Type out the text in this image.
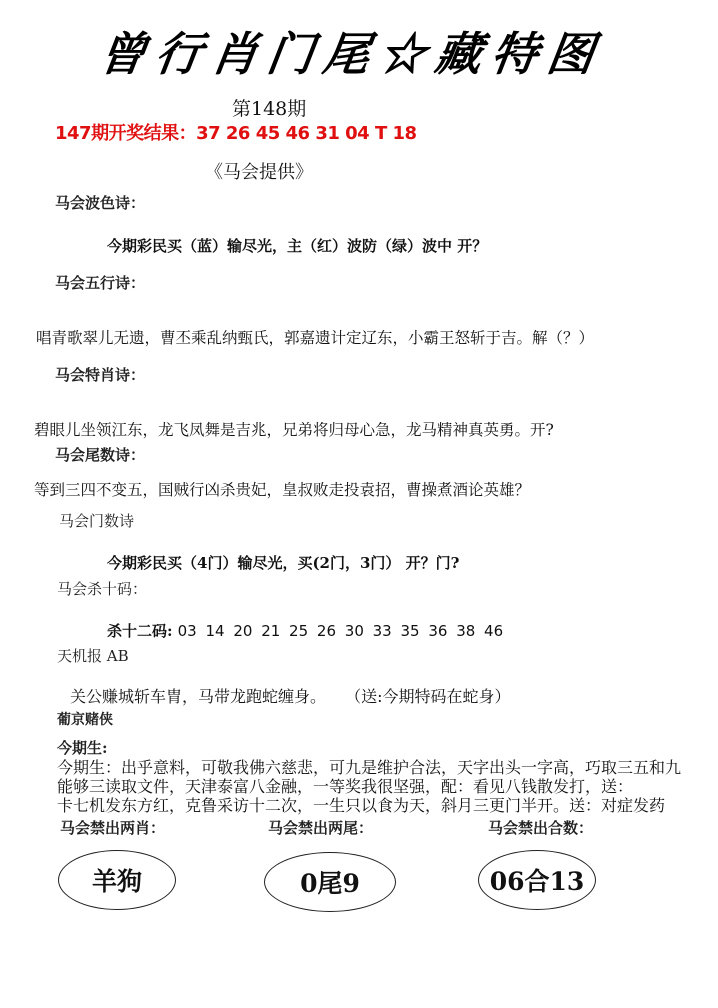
曾行肖门尾☆藏特图
第148期
147期开奖结果：37 26 45 46 31 04 T 18
《马会提供》
马会波色诗：
今期彩民买（蓝）输尽光，主（红）波防（绿）波中 开？
马会五行诗：
唱青歌翠儿无遗，曹丕乘乱纳甄氏，郭嘉遗计定辽东，小霸王怒斩于吉。解（？）
马会特肖诗：
碧眼儿坐领江东，龙飞凤舞是吉兆，兄弟将归母心急，龙马精神真英勇。开?
马会尾数诗：
等到三四不变五，国贼行凶杀贵妃，皇叔败走投袁招，曹操煮酒论英雄？
马会门数诗
今期彩民买（4门）输尽光，买(2门，3门） 开？门?
马会杀十码：
杀十二码: 03 14 20 21 25 26 30 33 35 36 38 46
天机报 AB
关公赚城斩车胄，马带龙跑蛇缠身。 （送:今期特码在蛇身）
葡京赌侠
今期生:
今期生：出乎意料，可敬我佛六慈悲，可九是维护合法，天字出头一字高，巧取三五和九
能够三读取文件，天津泰富八金融，一等奖我很坚强，配：看见八钱散发打，送：
卡七机发东方红，克鲁采访十二次，一生只以食为天，斜月三更门半开。送：对症发药
马会禁出两肖：	马会禁出两尾：	马会禁出合数：
羊狗	0尾9	06合13
